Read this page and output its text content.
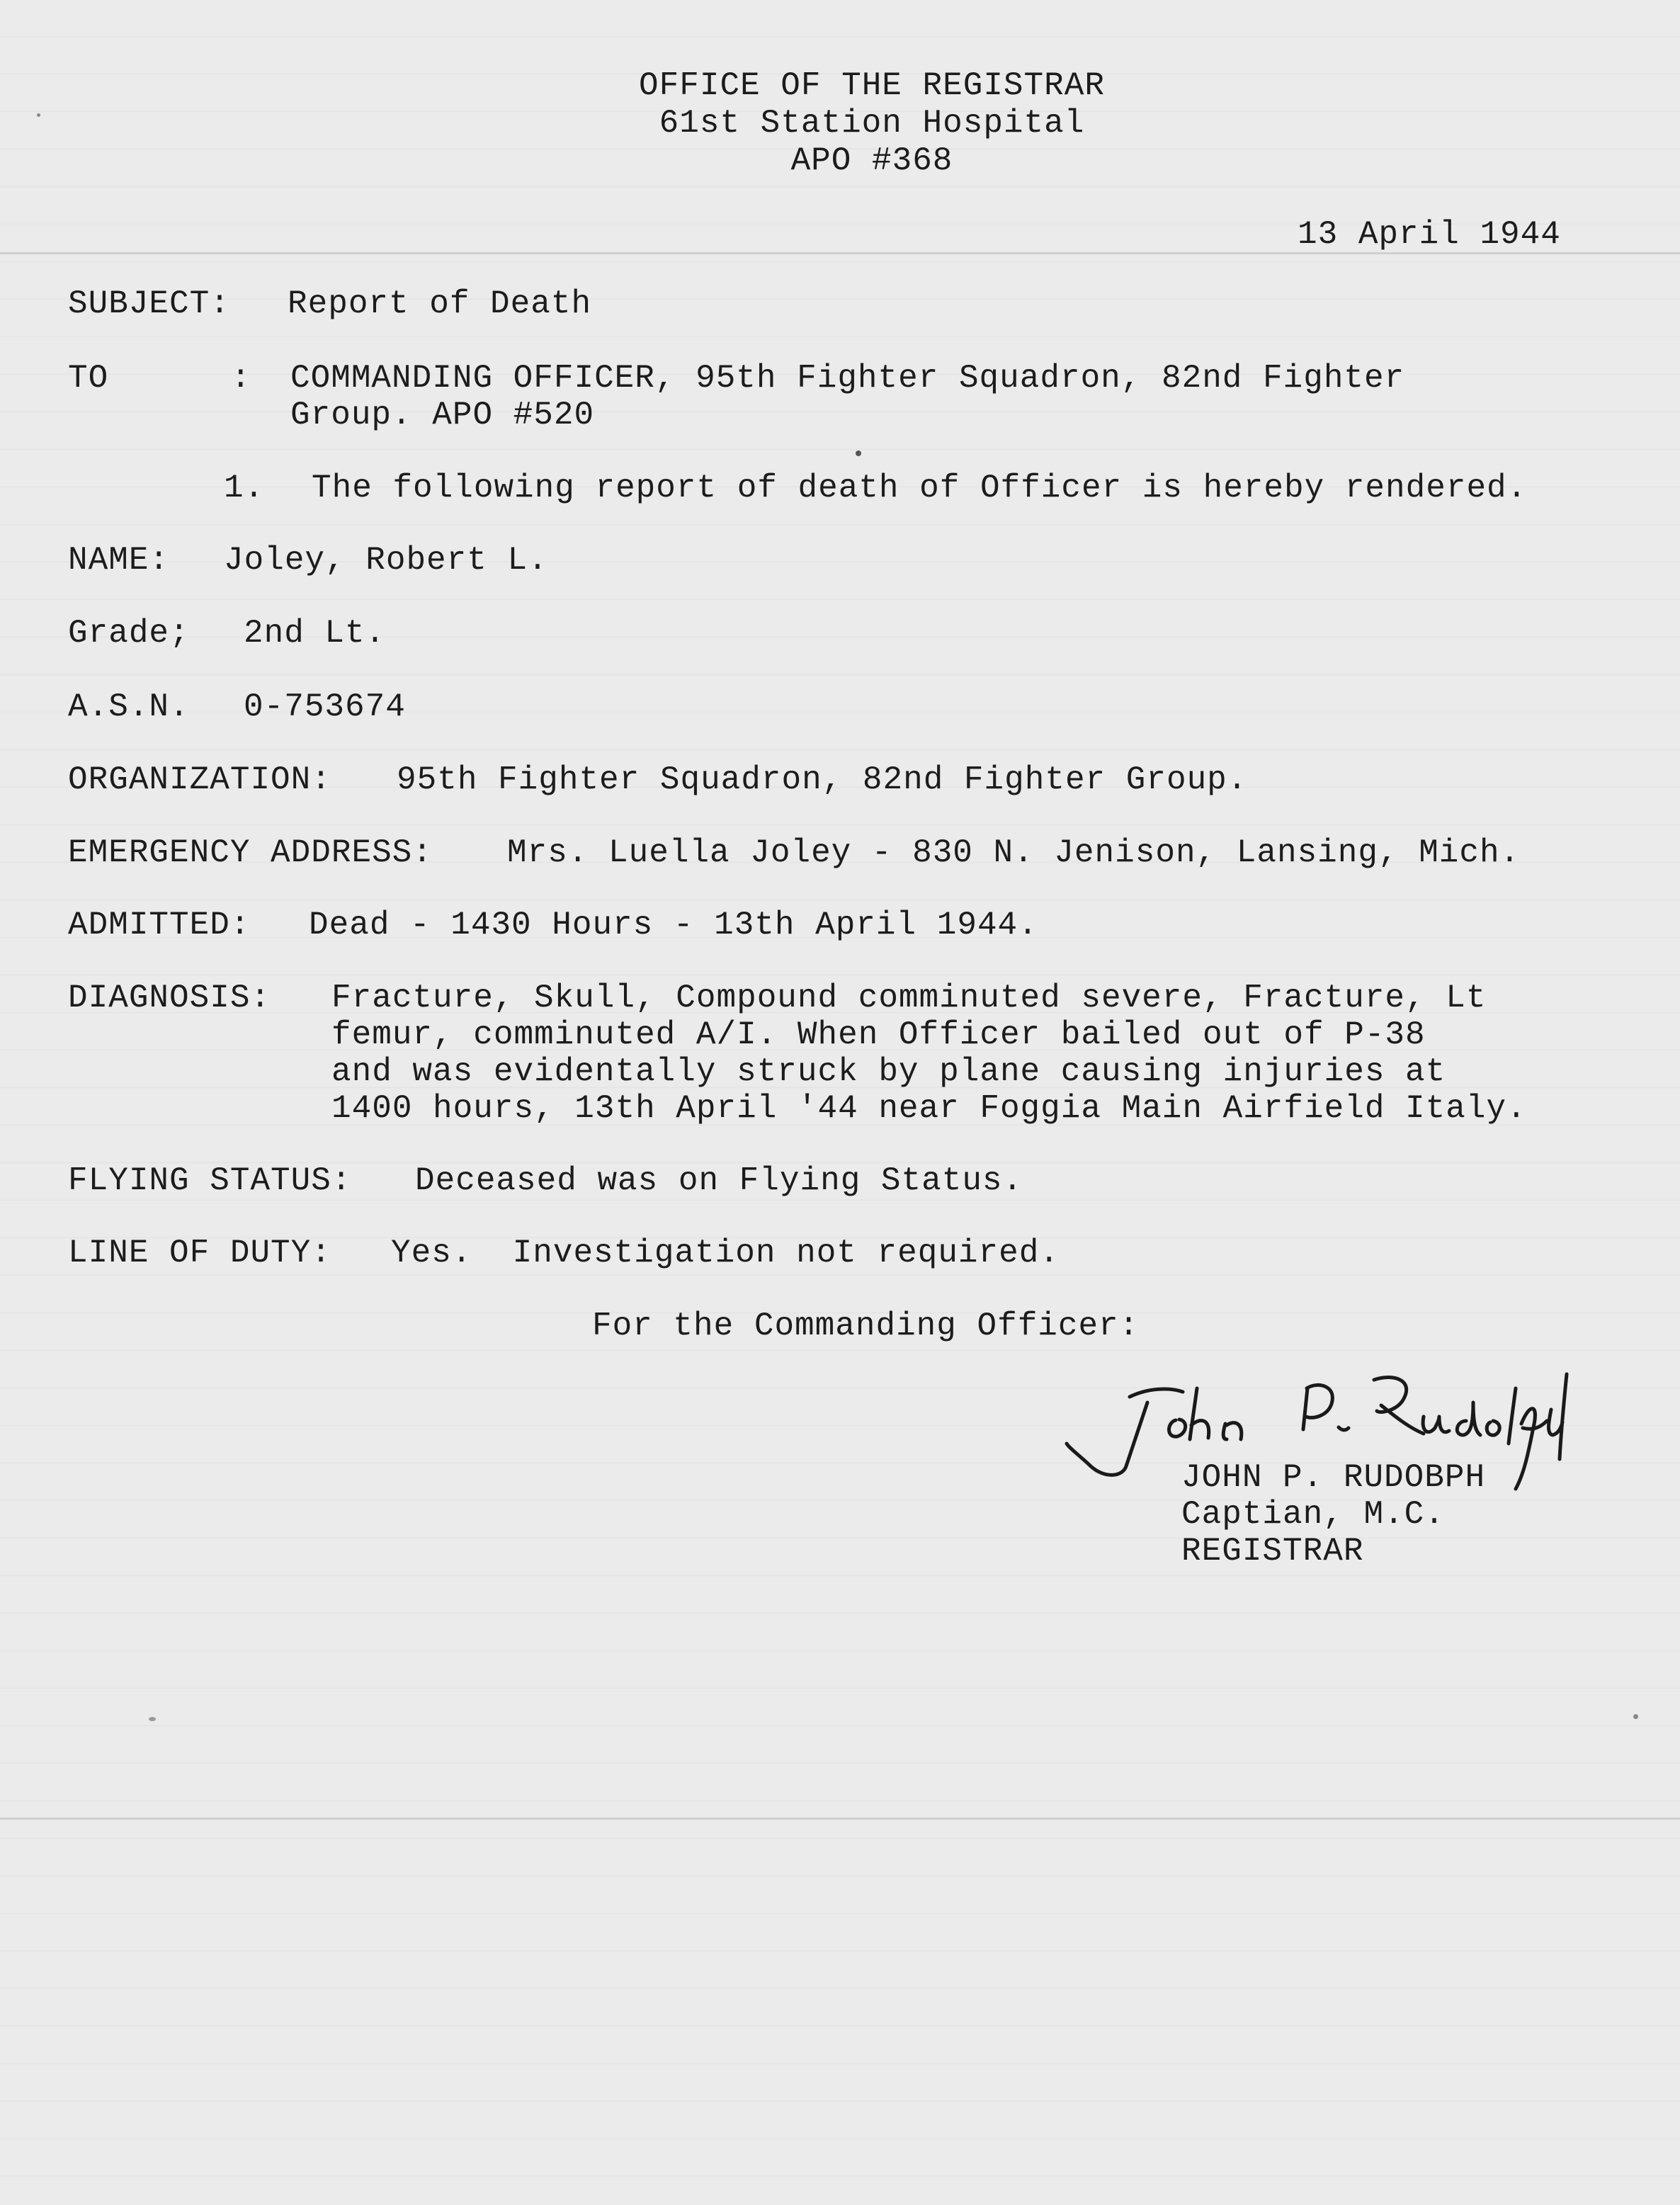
OFFICE OF THE REGISTRAR
61st Station Hospital
APO #368
13 April 1944
SUBJECT: Report of Death
TO	: COMMANDING OFFICER, 95th Fighter Squadron, 82nd Fighter
Group. APO #520
1. The following report of death of Officer is hereby rendered.
NAME: Joley, Robert L.
Grade; 2nd Lt.
A.S.N. 0-753674
ORGANIZATION: 95th Fighter Squadron, 82nd Fighter Group.
EMERGENCY ADDRESS: Mrs. Luella Joley - 830 N. Jenison, Lansing, Mich.
ADMITTED: Dead - 1430 Hours - 13th April 1944.
DIAGNOSIS: Fracture, Skull, Compound comminuted severe, Fracture, Lt
femur, comminuted A/I. When Officer bailed out of P-38
and was evidentally struck by plane causing injuries at
1400 hours, 13th April '44 near Foggia Main Airfield Italy.
FLYING STATUS: Deceased was on Flying Status.
LINE OF DUTY: Yes.  Investigation not required.
For the Commanding Officer:
John P. Rudolph
JOHN P. RUDOBPH
Captian, M.C.
REGISTRAR
